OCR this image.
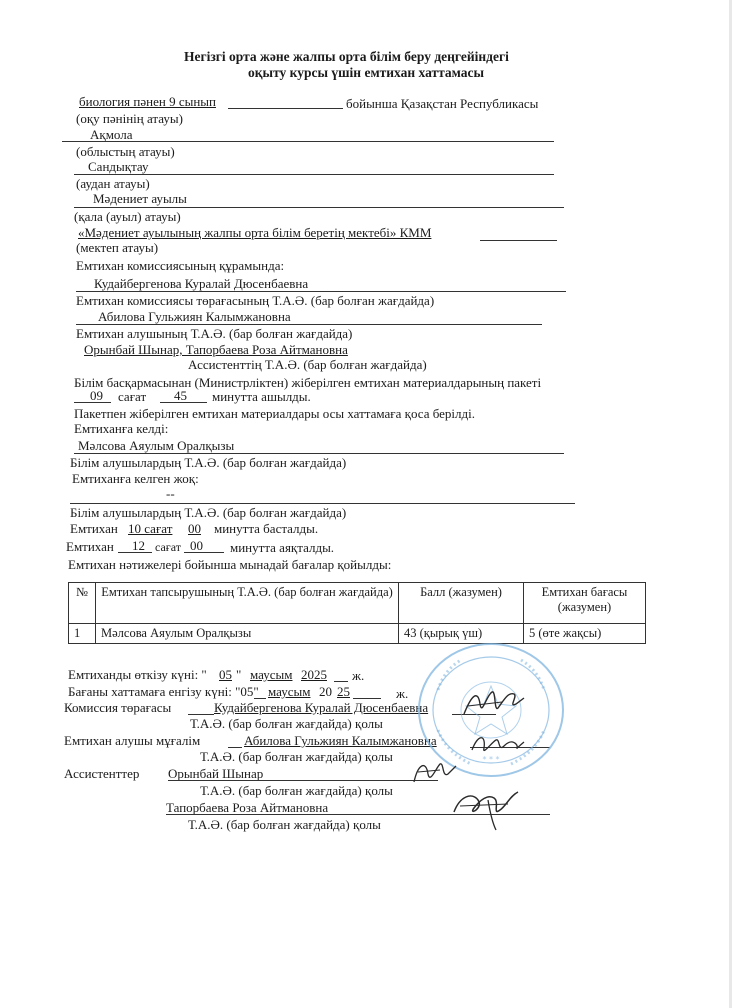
Негізгі орта және жалпы орта білім беру деңгейіндегі
оқыту курсы үшін емтихан хаттамасы
биология пәнен 9 сынып	бойынша Қазақстан Республикасы
(оқу пәнінің атауы)
Ақмола
(облыстың атауы)
Сандықтау
(аудан атауы)
Мәдениет ауылы
(қала (ауыл) атауы)
«Мәдениет ауылының жалпы орта білім беретің мектебі» КММ
(мектеп атауы)
Емтихан комиссиясының құрамында:
Кудайбергенова Куралай Дюсенбаевна
Емтихан комиссиясы төрағасының Т.А.Ә. (бар болған жағдайда)
Абилова Гульжиян Калымжановна
Емтихан алушының Т.А.Ә. (бар болған жағдайда)
Орынбай Шынар, Тапорбаева Роза Айтмановна
Ассистенттің Т.А.Ә. (бар болған жағдайда)
Білім басқармасынан (Министрліктен) жіберілген емтихан материалдарының пакеті
09 сағат 45 минутта ашылды.
Пакетпен жіберілген емтихан материалдары осы хаттамаға қоса берілді.
Емтиханға келді:
Мәлсова Аяулым Оралқызы
Білім алушылардың Т.А.Ә. (бар болған жағдайда)
Емтиханға келген жоқ:
--
Білім алушылардың Т.А.Ә. (бар болған жағдайда)
Емтихан 10 сағат 00 минутта басталды.
Емтихан 12 сағат 00 минутта аяқталды.
Емтихан нәтижелері бойынша мынадай бағалар қойылды:
№	Емтихан тапсырушының Т.А.Ә. (бар болған жағдайда)	Балл (жазумен)	Емтихан бағасы (жазумен)
1	Мәлсова Аяулым Оралқызы	43 (қырық үш)	5 (өте жақсы)
Емтиханды өткізу күні: " 05 " маусым 2025 ж.
Бағаны хаттамаға енгізу күні: "05" маусым 20 25	ж.
Комиссия төрағасы	Кудайбергенова Куралай Дюсенбаевна
Т.А.Ә. (бар болған жағдайда) қолы
Емтихан алушы мұғалім	Абилова Гульжиян Калымжановна
Т.А.Ә. (бар болған жағдайда) қолы
Ассистенттер Орынбай Шынар
Т.А.Ә. (бар болған жағдайда) қолы
Тапорбаева Роза Айтмановна
Т.А.Ә. (бар болған жағдайда) қолы
* * *
